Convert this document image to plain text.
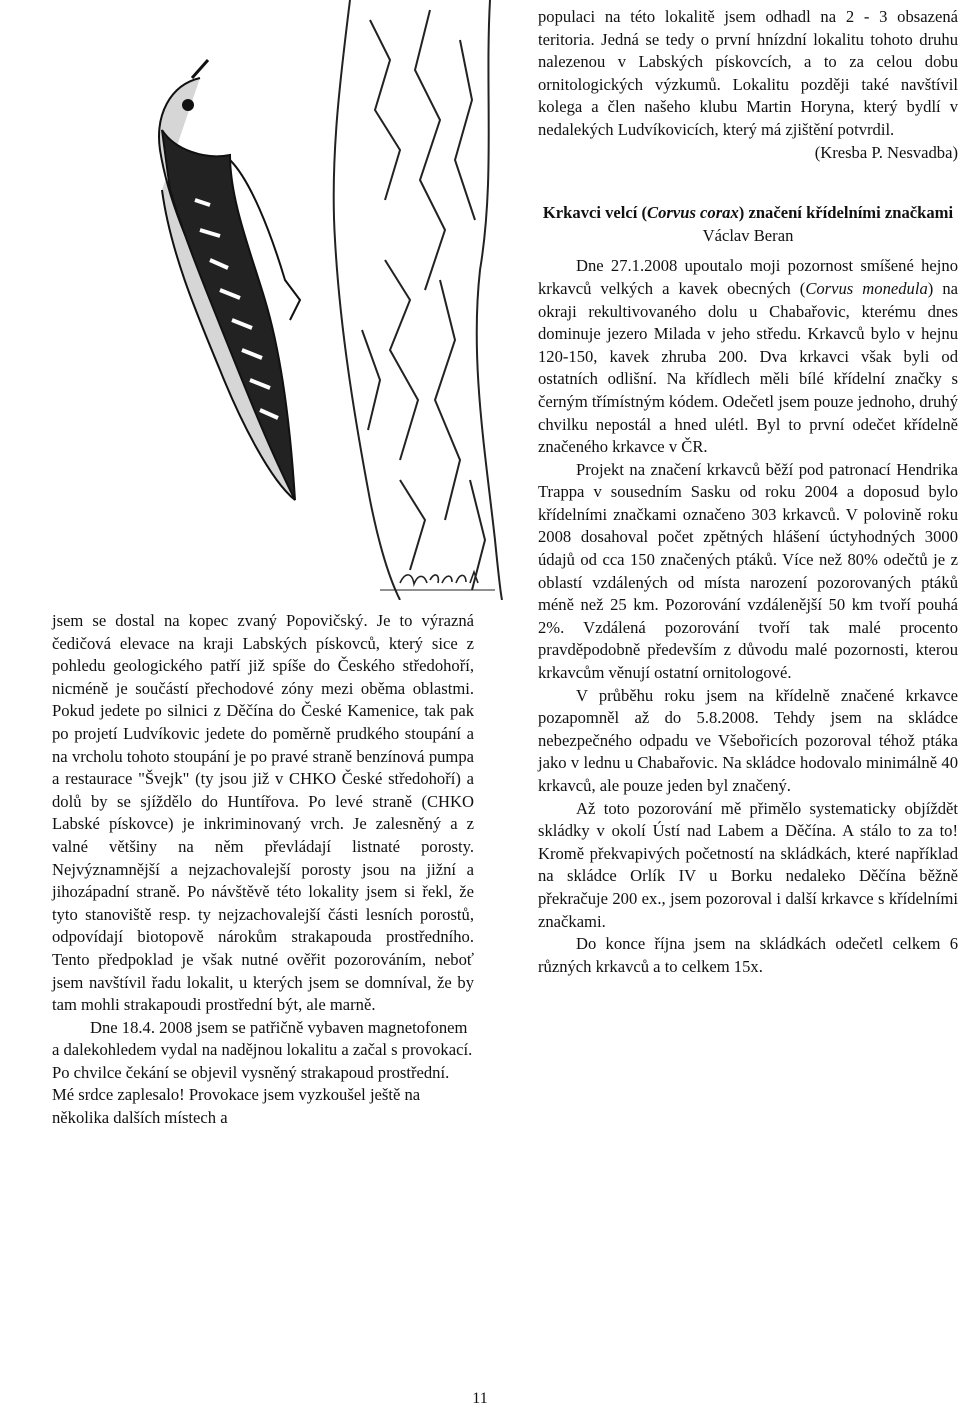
jsem se dostal na kopec zvaný Popovičský. Je to výrazná čedičová elevace na kraji Labských pískovců, který sice z pohledu geologického patří již spíše do Českého středohoří, nicméně je součástí přechodové zóny mezi oběma oblastmi. Pokud jedete po silnici z Děčína do České Kamenice, tak pak po projetí Ludvíkovic jedete do poměrně prudkého stoupání a na vrcholu tohoto stoupání je po pravé straně benzínová pumpa a restaurace "Švejk" (ty jsou již v CHKO České středohoří) a dolů by se sjíždělo do Huntířova. Po levé straně (CHKO Labské pískovce) je inkriminovaný vrch. Je zalesněný a z valné většiny na něm převládají listnaté porosty. Nejvýznamnější a nejzachovalejší porosty jsou na jižní a jihozápadní straně. Po návštěvě této lokality jsem si řekl, že tyto stanoviště resp. ty nejzachovalejší části lesních porostů, odpovídají biotopově nárokům strakapouda prostředního. Tento předpoklad je však nutné ověřit pozorováním, neboť jsem navštívil řadu lokalit, u kterých jsem se domníval, že by tam mohli strakapoudi prostřední být, ale marně.

Dne 18.4. 2008 jsem se patřičně vybaven magnetofonem a dalekohledem vydal na nadějnou lokalitu a začal s provokací. Po chvilce čekání se objevil vysněný strakapoud prostřední. Mé srdce zaplesalo! Provokace jsem vyzkoušel ještě na několika dalších místech a

populaci na této lokalitě jsem odhadl na 2 - 3 obsazená teritoria. Jedná se tedy o první hnízdní lokalitu tohoto druhu nalezenou v Labských pískovcích, a to za celou dobu ornitologických výzkumů. Lokalitu později také navštívil kolega a člen našeho klubu Martin Horyna, který bydlí v nedalekých Ludvíkovicích, který má zjištění potvrdil.

(Kresba P. Nesvadba)

Krkavci velcí (Corvus corax) značení křídelními značkami

Václav Beran

Dne 27.1.2008 upoutalo moji pozornost smíšené hejno krkavců velkých a kavek obecných (Corvus monedula) na okraji rekultivovaného dolu u Chabařovic, kterému dnes dominuje jezero Milada v jeho středu. Krkavců bylo v hejnu 120-150, kavek zhruba 200. Dva krkavci však byli od ostatních odlišní. Na křídlech měli bílé křídelní značky s černým třímístným kódem. Odečetl jsem pouze jednoho, druhý chvilku nepostál a hned ulétl. Byl to první odečet křídelně značeného krkavce v ČR.

Projekt na značení krkavců běží pod patronací Hendrika Trappa v sousedním Sasku od roku 2004 a doposud bylo křídelními značkami označeno 303 krkavců. V polovině roku 2008 dosahoval počet zpětných hlášení úctyhodných 3000 údajů od cca 150 značených ptáků. Více než 80% odečtů je z oblastí vzdálených od místa narození pozorovaných ptáků méně než 25 km. Pozorování vzdálenější 50 km tvoří pouhá 2%. Vzdálená pozorování tvoří tak malé procento pravděpodobně především z důvodu malé pozornosti, kterou krkavcům věnují ostatní ornitologové.

V průběhu roku jsem na křídelně značené krkavce pozapomněl až do 5.8.2008. Tehdy jsem na skládce nebezpečného odpadu ve Všebořicích pozoroval téhož ptáka jako v lednu u Chabařovic. Na skládce hodovalo minimálně 40 krkavců, ale pouze jeden byl značený.

Až toto pozorování mě přimělo systematicky objíždět skládky v okolí Ústí nad Labem a Děčína. A stálo to za to! Kromě překvapivých početností na skládkách, které například na skládce Orlík IV u Borku nedaleko Děčína běžně překračuje 200 ex., jsem pozoroval i další krkavce s křídelními značkami.

Do konce října jsem na skládkách odečetl celkem 6 různých krkavců a to celkem 15x.

11
